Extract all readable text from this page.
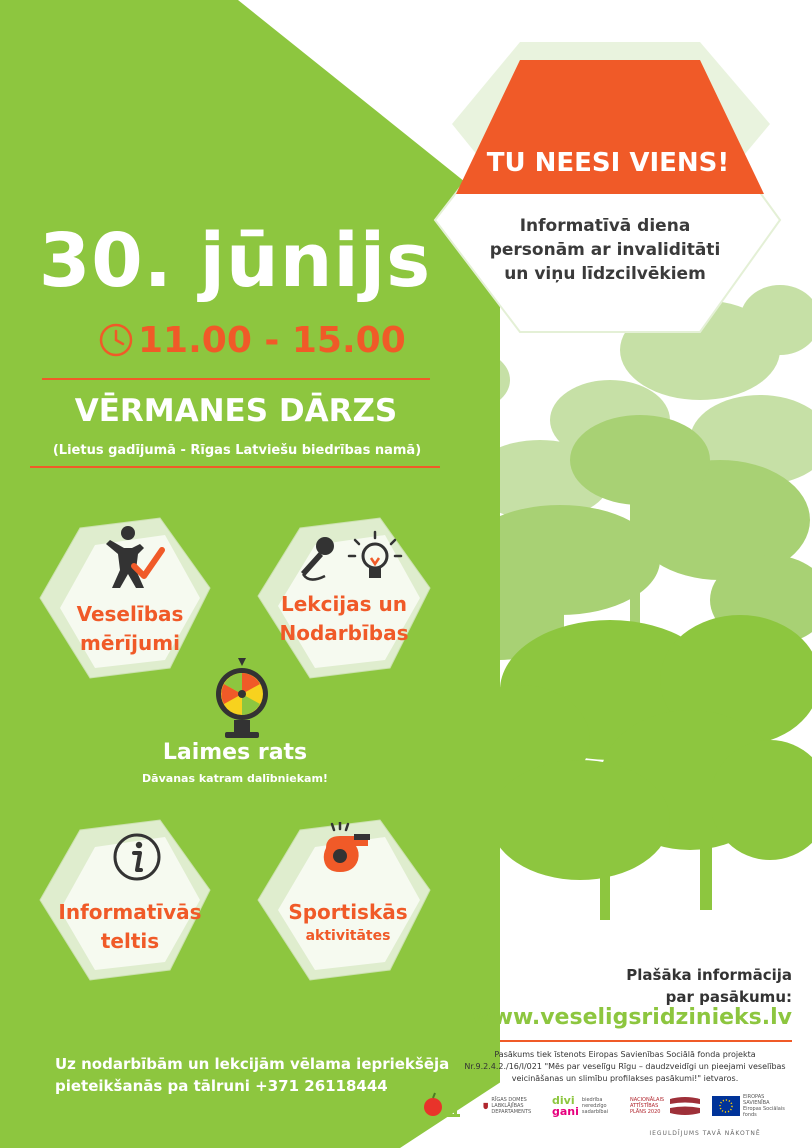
TU NEESI VIENS!
Informatīvā diena
personām ar invaliditāti
un viņu līdzcilvēkiem
30. jūnijs
11.00 - 15.00
VĒRMANES DĀRZS
(Lietus gadījumā - Rīgas Latviešu biedrības namā)
Veselības
mērījumi
Lekcijas un
Nodarbības
Laimes rats
Dāvanas katram dalībniekam!
Informatīvās
teltis
Sportiskās
aktivitātes
Plašāka informācija
par pasākumu:
www.veseligsridzinieks.lv
Pasākums tiek īstenots Eiropas Savienības Sociālā fonda projekta Nr.9.2.4.2./16/I/021 "Mēs par veselīgu Rīgu – daudzveidīgi un pieejami veselības veicināšanas un slimību profilakses pasākumi!" ietvaros.
Uz nodarbībām un lekcijām vēlama iepriekšēja pieteikšanās pa tālruni +371 26118444
RĪGAS DOMES LABKLĀJĪBAS DEPARTAMENTS
divi
gani
biedrība neredzīgo sadarbībai
NACIONĀLAIS ATTĪSTĪBAS PLĀNS 2020
EIROPAS SAVIENĪBA Eiropas Sociālais fonds
IEGULDĪJUMS TAVĀ NĀKOTNĒ
